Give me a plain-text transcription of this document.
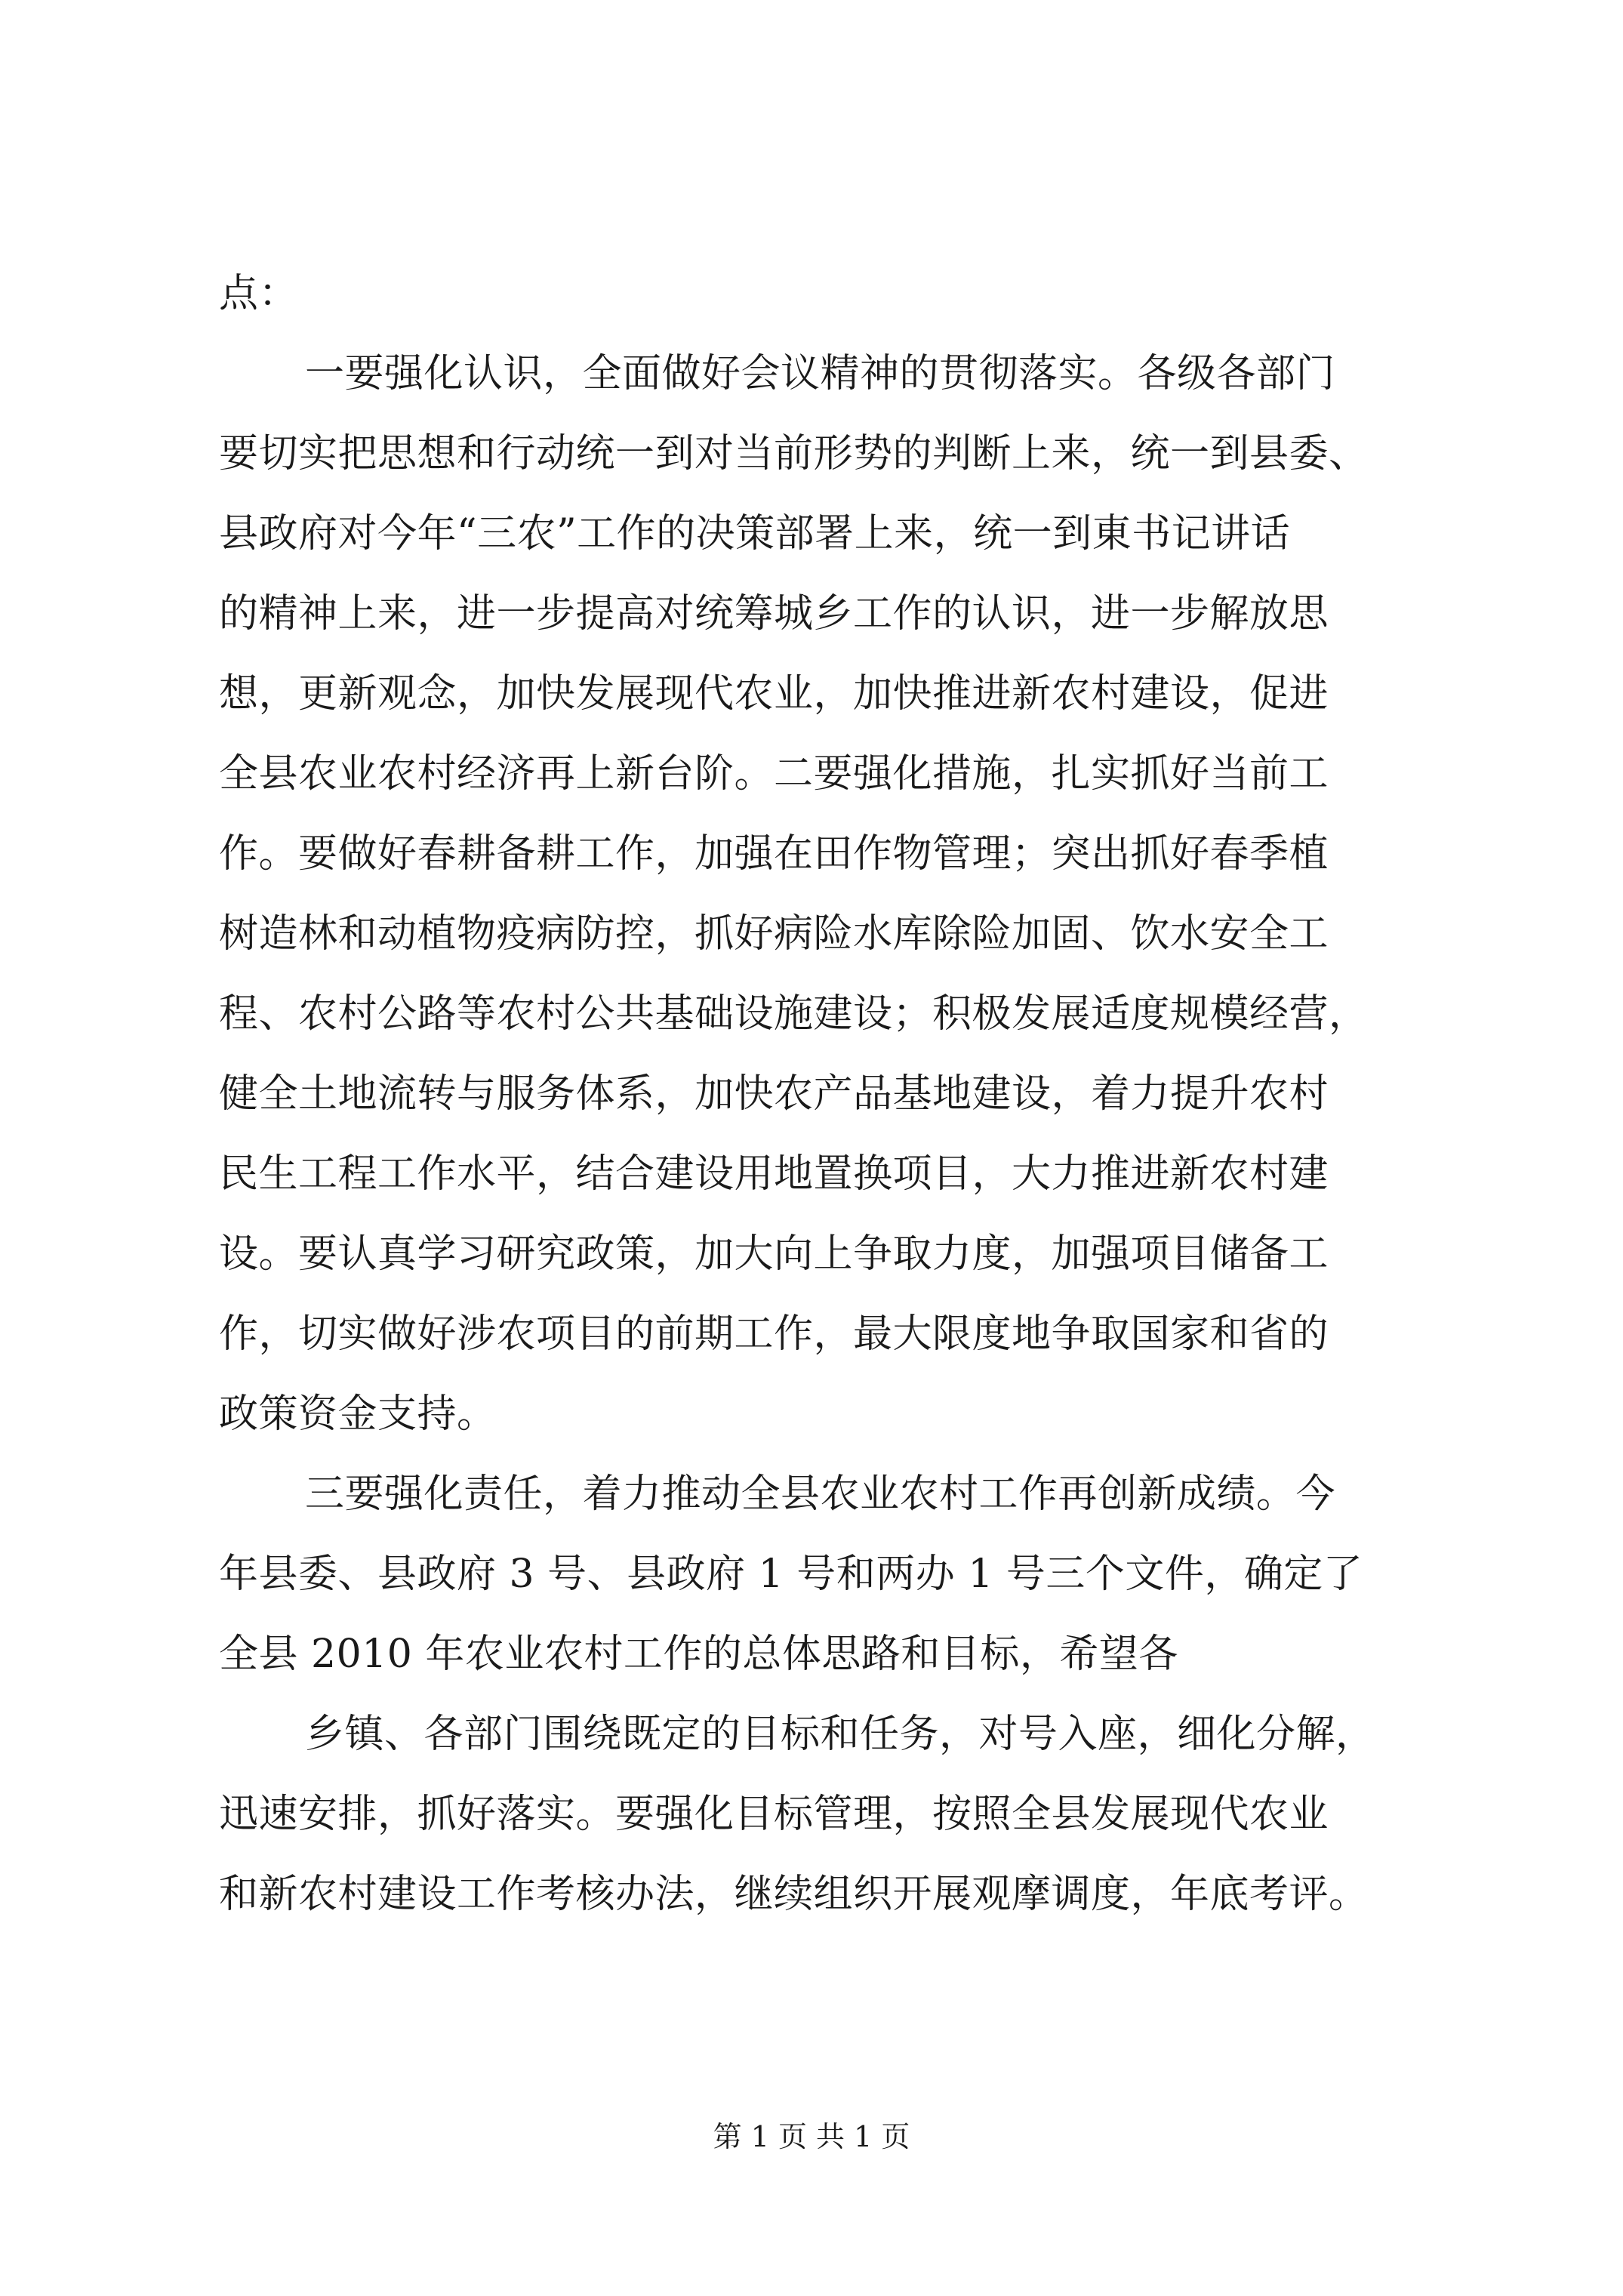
点：
一要强化认识，全面做好会议精神的贯彻落实。各级各部门
要切实把思想和行动统一到对当前形势的判断上来，统一到县委、
县政府对今年“三农”工作的决策部署上来，统一到東书记讲话
的精神上来，进一步提高对统筹城乡工作的认识，进一步解放思
想，更新观念，加快发展现代农业，加快推进新农村建设，促进
全县农业农村经济再上新台阶。二要强化措施，扎实抓好当前工
作。要做好春耕备耕工作，加强在田作物管理；突出抓好春季植
树造林和动植物疫病防控，抓好病险水库除险加固、饮水安全工
程、农村公路等农村公共基础设施建设；积极发展适度规模经营，
健全土地流转与服务体系，加快农产品基地建设，着力提升农村
民生工程工作水平，结合建设用地置换项目，大力推进新农村建
设。要认真学习研究政策，加大向上争取力度，加强项目储备工
作，切实做好涉农项目的前期工作，最大限度地争取国家和省的
政策资金支持。
三要强化责任，着力推动全县农业农村工作再创新成绩。今
年县委、县政府 3 号、县政府 1 号和两办 1 号三个文件，确定了
全县 2010 年农业农村工作的总体思路和目标，希望各
乡镇、各部门围绕既定的目标和任务，对号入座，细化分解，
迅速安排，抓好落实。要强化目标管理，按照全县发展现代农业
和新农村建设工作考核办法，继续组织开展观摩调度，年底考评。
第 1 页 共 1 页
